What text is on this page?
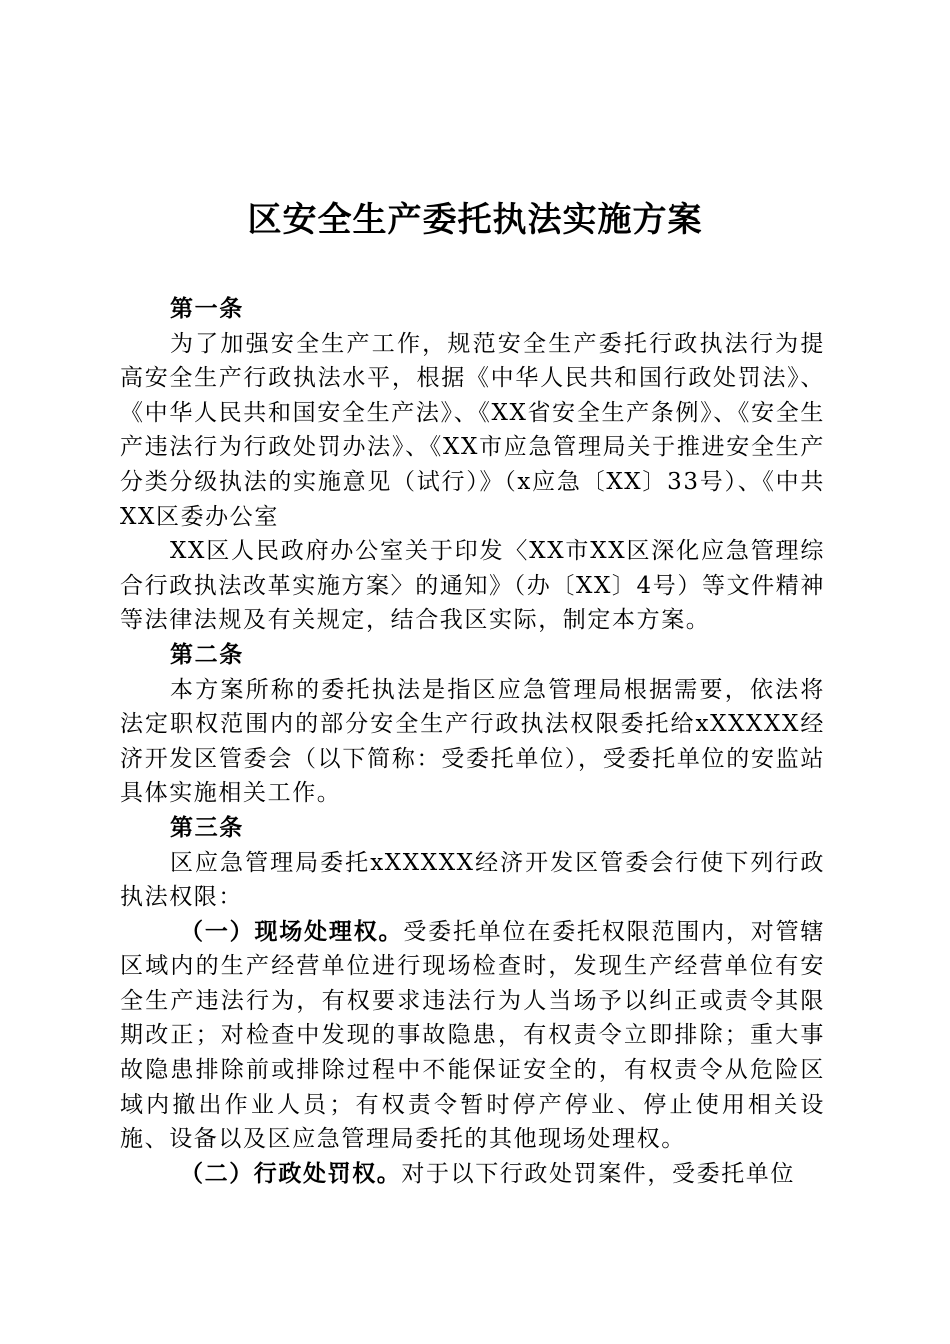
区安全生产委托执法实施方案

第一条

为了加强安全生产工作，规范安全生产委托行政执法行为提高安全生产行政执法水平，根据《中华人民共和国行政处罚法》、《中华人民共和国安全生产法》、《XX省安全生产条例》、《安全生产违法行为行政处罚办法》、《XX市应急管理局关于推进安全生产分类分级执法的实施意见（试行）》（x应急〔XX〕33号）、《中共XX区委办公室

XX区人民政府办公室关于印发〈XX市XX区深化应急管理综合行政执法改革实施方案〉的通知》（办〔XX〕4号）等文件精神等法律法规及有关规定，结合我区实际，制定本方案。

第二条

本方案所称的委托执法是指区应急管理局根据需要，依法将法定职权范围内的部分安全生产行政执法权限委托给xXXXXX经济开发区管委会（以下简称：受委托单位），受委托单位的安监站具体实施相关工作。

第三条

区应急管理局委托xXXXXX经济开发区管委会行使下列行政执法权限：

（一）现场处理权。受委托单位在委托权限范围内，对管辖区域内的生产经营单位进行现场检查时，发现生产经营单位有安全生产违法行为，有权要求违法行为人当场予以纠正或责令其限期改正；对检查中发现的事故隐患，有权责令立即排除；重大事故隐患排除前或排除过程中不能保证安全的，有权责令从危险区域内撤出作业人员；有权责令暂时停产停业、停止使用相关设施、设备以及区应急管理局委托的其他现场处理权。

（二）行政处罚权。对于以下行政处罚案件，受委托单位
